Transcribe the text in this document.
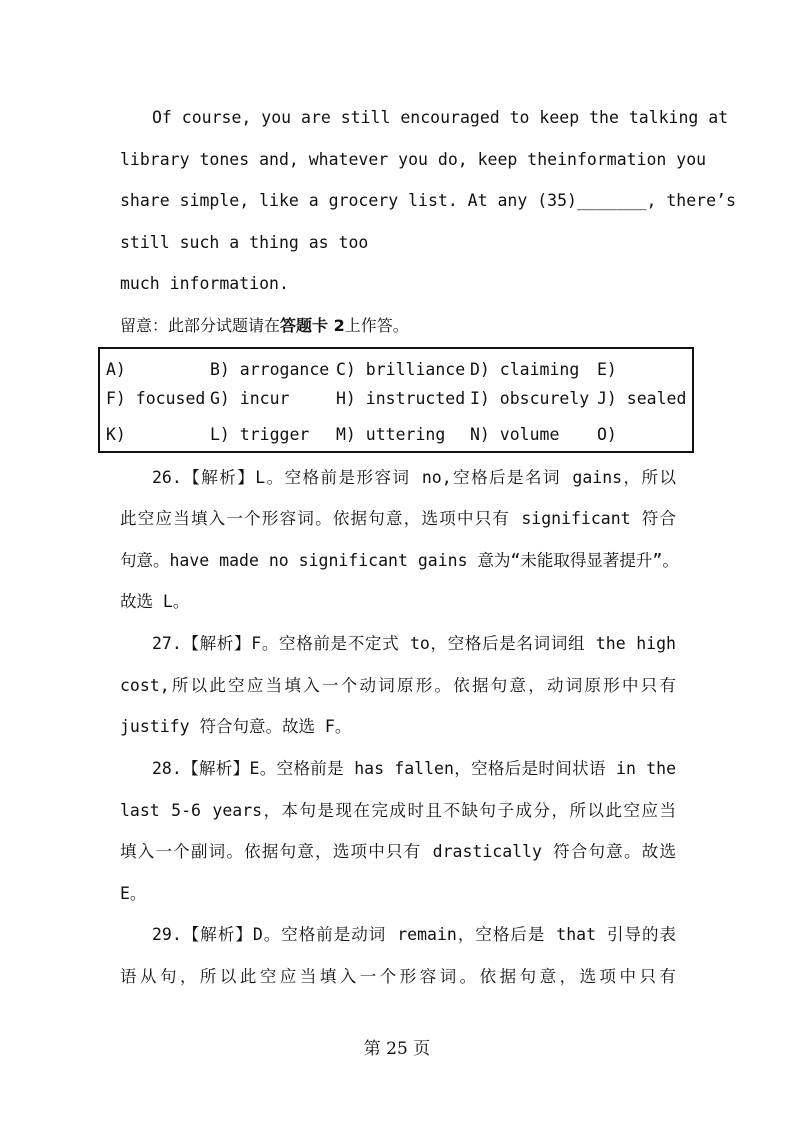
Of course, you are still encouraged to keep the talking at
library tones and, whatever you do, keep theinformation you
share simple, like a grocery list. At any (35)_______, there’s
still such a thing as too
much information.
留意：此部分试题请在答题卡 2上作答。
A)	B) arrogance C) brilliance D) claiming E)
F) focused G) incur	H) instructed I) obscurely J) sealed
K)	L) trigger M) uttering N) volume O)
26.【解析】L。空格前是形容词 no,空格后是名词 gains，所以
此空应当填入一个形容词。依据句意，选项中只有 significant 符合
句意。have made no significant gains 意为“未能取得显著提升”。
故选 L。
27.【解析】F。空格前是不定式 to，空格后是名词词组 the high
cost,所以此空应当填入一个动词原形。依据句意，动词原形中只有
justify 符合句意。故选 F。
28.【解析】E。空格前是 has fallen，空格后是时间状语 in the
last 5-6 years，本句是现在完成时且不缺句子成分，所以此空应当
填入一个副词。依据句意，选项中只有 drastically 符合句意。故选
E。
29.【解析】D。空格前是动词 remain，空格后是 that 引导的表
语从句，所以此空应当填入一个形容词。依据句意，选项中只有
第 25 页
